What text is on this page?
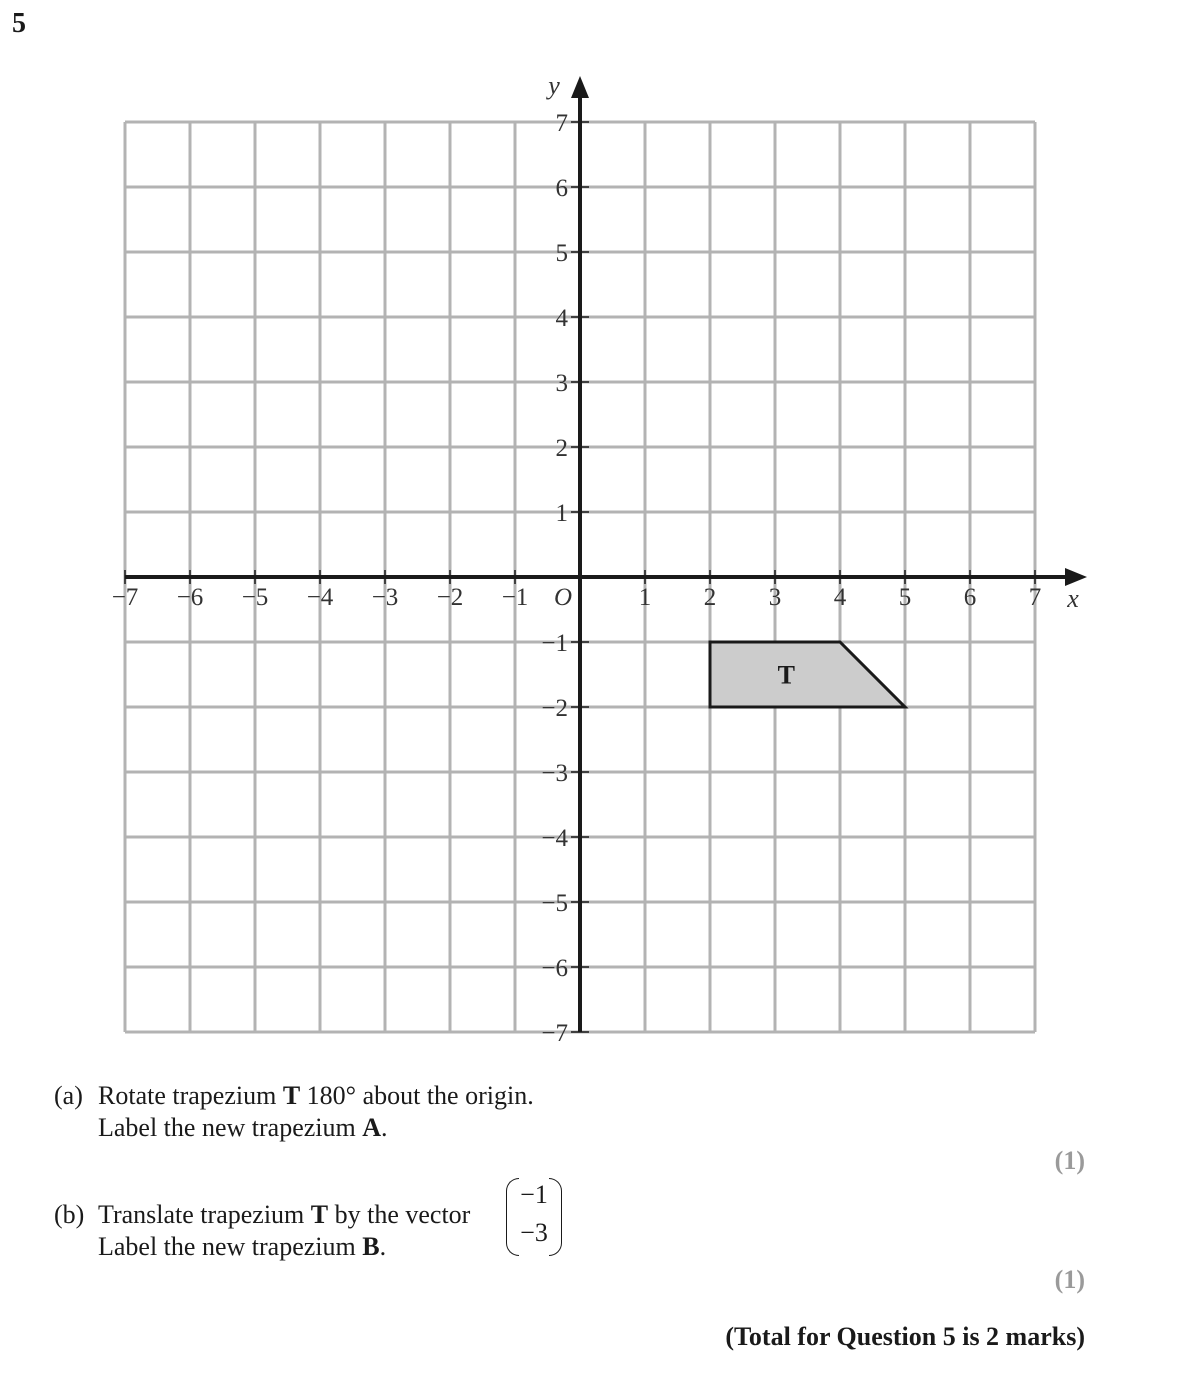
5
T
−7 −6 −5 −4 −3 −2 −1	1 2 3 4 5 6 7
7
6
5
4
3
2
1
−1
−2
−3
−4
−5
−6
−7
O	x
y
(a) Rotate trapezium T 180° about the origin.
Label the new trapezium A.
(1)
(b) Translate trapezium T by the vector
Label the new trapezium B.
−1
−3
(1)
(Total for Question 5 is 2 marks)
